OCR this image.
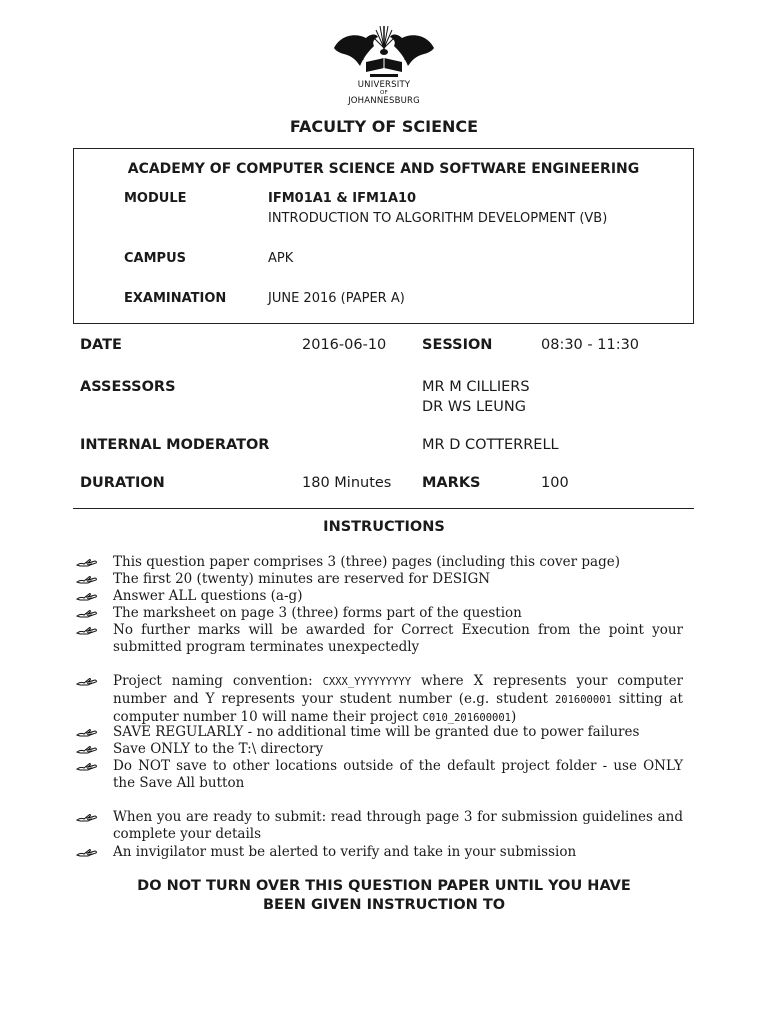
UNIVERSITY
OF
JOHANNESBURG
FACULTY OF SCIENCE
ACADEMY OF COMPUTER SCIENCE AND SOFTWARE ENGINEERING
MODULE	IFM01A1 & IFM1A10
INTRODUCTION TO ALGORITHM DEVELOPMENT (VB)
CAMPUS	APK
EXAMINATION	JUNE 2016 (PAPER A)
DATE	2016-06-10 SESSION	08:30 - 11:30
ASSESSORS	MR M CILLIERS
DR WS LEUNG
INTERNAL MODERATOR	MR D COTTERRELL
DURATION	180 Minutes MARKS	100
INSTRUCTIONS
This question paper comprises 3 (three) pages (including this cover page)
The first 20 (twenty) minutes are reserved for DESIGN
Answer ALL questions (a-g)
The marksheet on page 3 (three) forms part of the question
No further marks will be awarded for Correct Execution from the point your submitted program terminates unexpectedly
Project naming convention: CXXX_YYYYYYYYY where X represents your computer number and Y represents your student number (e.g. student 201600001 sitting at computer number 10 will name their project C010_201600001)
SAVE REGULARLY - no additional time will be granted due to power failures
Save ONLY to the T:\ directory
Do NOT save to other locations outside of the default project folder - use ONLY the Save All button
When you are ready to submit: read through page 3 for submission guidelines and complete your details
An invigilator must be alerted to verify and take in your submission
DO NOT TURN OVER THIS QUESTION PAPER UNTIL YOU HAVE
BEEN GIVEN INSTRUCTION TO
